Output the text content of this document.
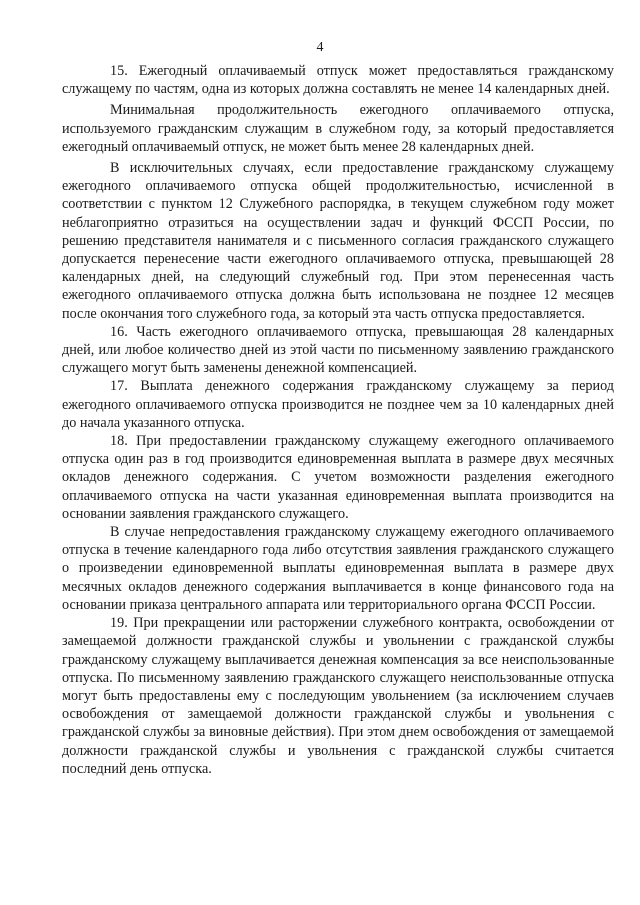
4

15. Ежегодный оплачиваемый отпуск может предоставляться гражданскому служащему по частям, одна из которых должна составлять не менее 14 календарных дней.

Минимальная продолжительность ежегодного оплачиваемого отпуска, используемого гражданским служащим в служебном году, за который предоставляется ежегодный оплачиваемый отпуск, не может быть менее 28 календарных дней.

В исключительных случаях, если предоставление гражданскому служащему ежегодного оплачиваемого отпуска общей продолжительностью, исчисленной в соответствии с пунктом 12 Служебного распорядка, в текущем служебном году может неблагоприятно отразиться на осуществлении задач и функций ФССП России, по решению представителя нанимателя и с письменного согласия гражданского служащего допускается перенесение части ежегодного оплачиваемого отпуска, превышающей 28 календарных дней, на следующий служебный год. При этом перенесенная часть ежегодного оплачиваемого отпуска должна быть использована не позднее 12 месяцев после окончания того служебного года, за который эта часть отпуска предоставляется.

16. Часть ежегодного оплачиваемого отпуска, превышающая 28 календарных дней, или любое количество дней из этой части по письменному заявлению гражданского служащего могут быть заменены денежной компенсацией.

17. Выплата денежного содержания гражданскому служащему за период ежегодного оплачиваемого отпуска производится не позднее чем за 10 календарных дней до начала указанного отпуска.

18. При предоставлении гражданскому служащему ежегодного оплачиваемого отпуска один раз в год производится единовременная выплата в размере двух месячных окладов денежного содержания. С учетом возможности разделения ежегодного оплачиваемого отпуска на части указанная единовременная выплата производится на основании заявления гражданского служащего.

В случае непредоставления гражданскому служащему ежегодного оплачиваемого отпуска в течение календарного года либо отсутствия заявления гражданского служащего о произведении единовременной выплаты единовременная выплата в размере двух месячных окладов денежного содержания выплачивается в конце финансового года на основании приказа центрального аппарата или территориального органа ФССП России.

19. При прекращении или расторжении служебного контракта, освобождении от замещаемой должности гражданской службы и увольнении с гражданской службы гражданскому служащему выплачивается денежная компенсация за все неиспользованные отпуска. По письменному заявлению гражданского служащего неиспользованные отпуска могут быть предоставлены ему с последующим увольнением (за исключением случаев освобождения от замещаемой должности гражданской службы и увольнения с гражданской службы за виновные действия). При этом днем освобождения от замещаемой должности гражданской службы и увольнения с гражданской службы считается последний день отпуска.
